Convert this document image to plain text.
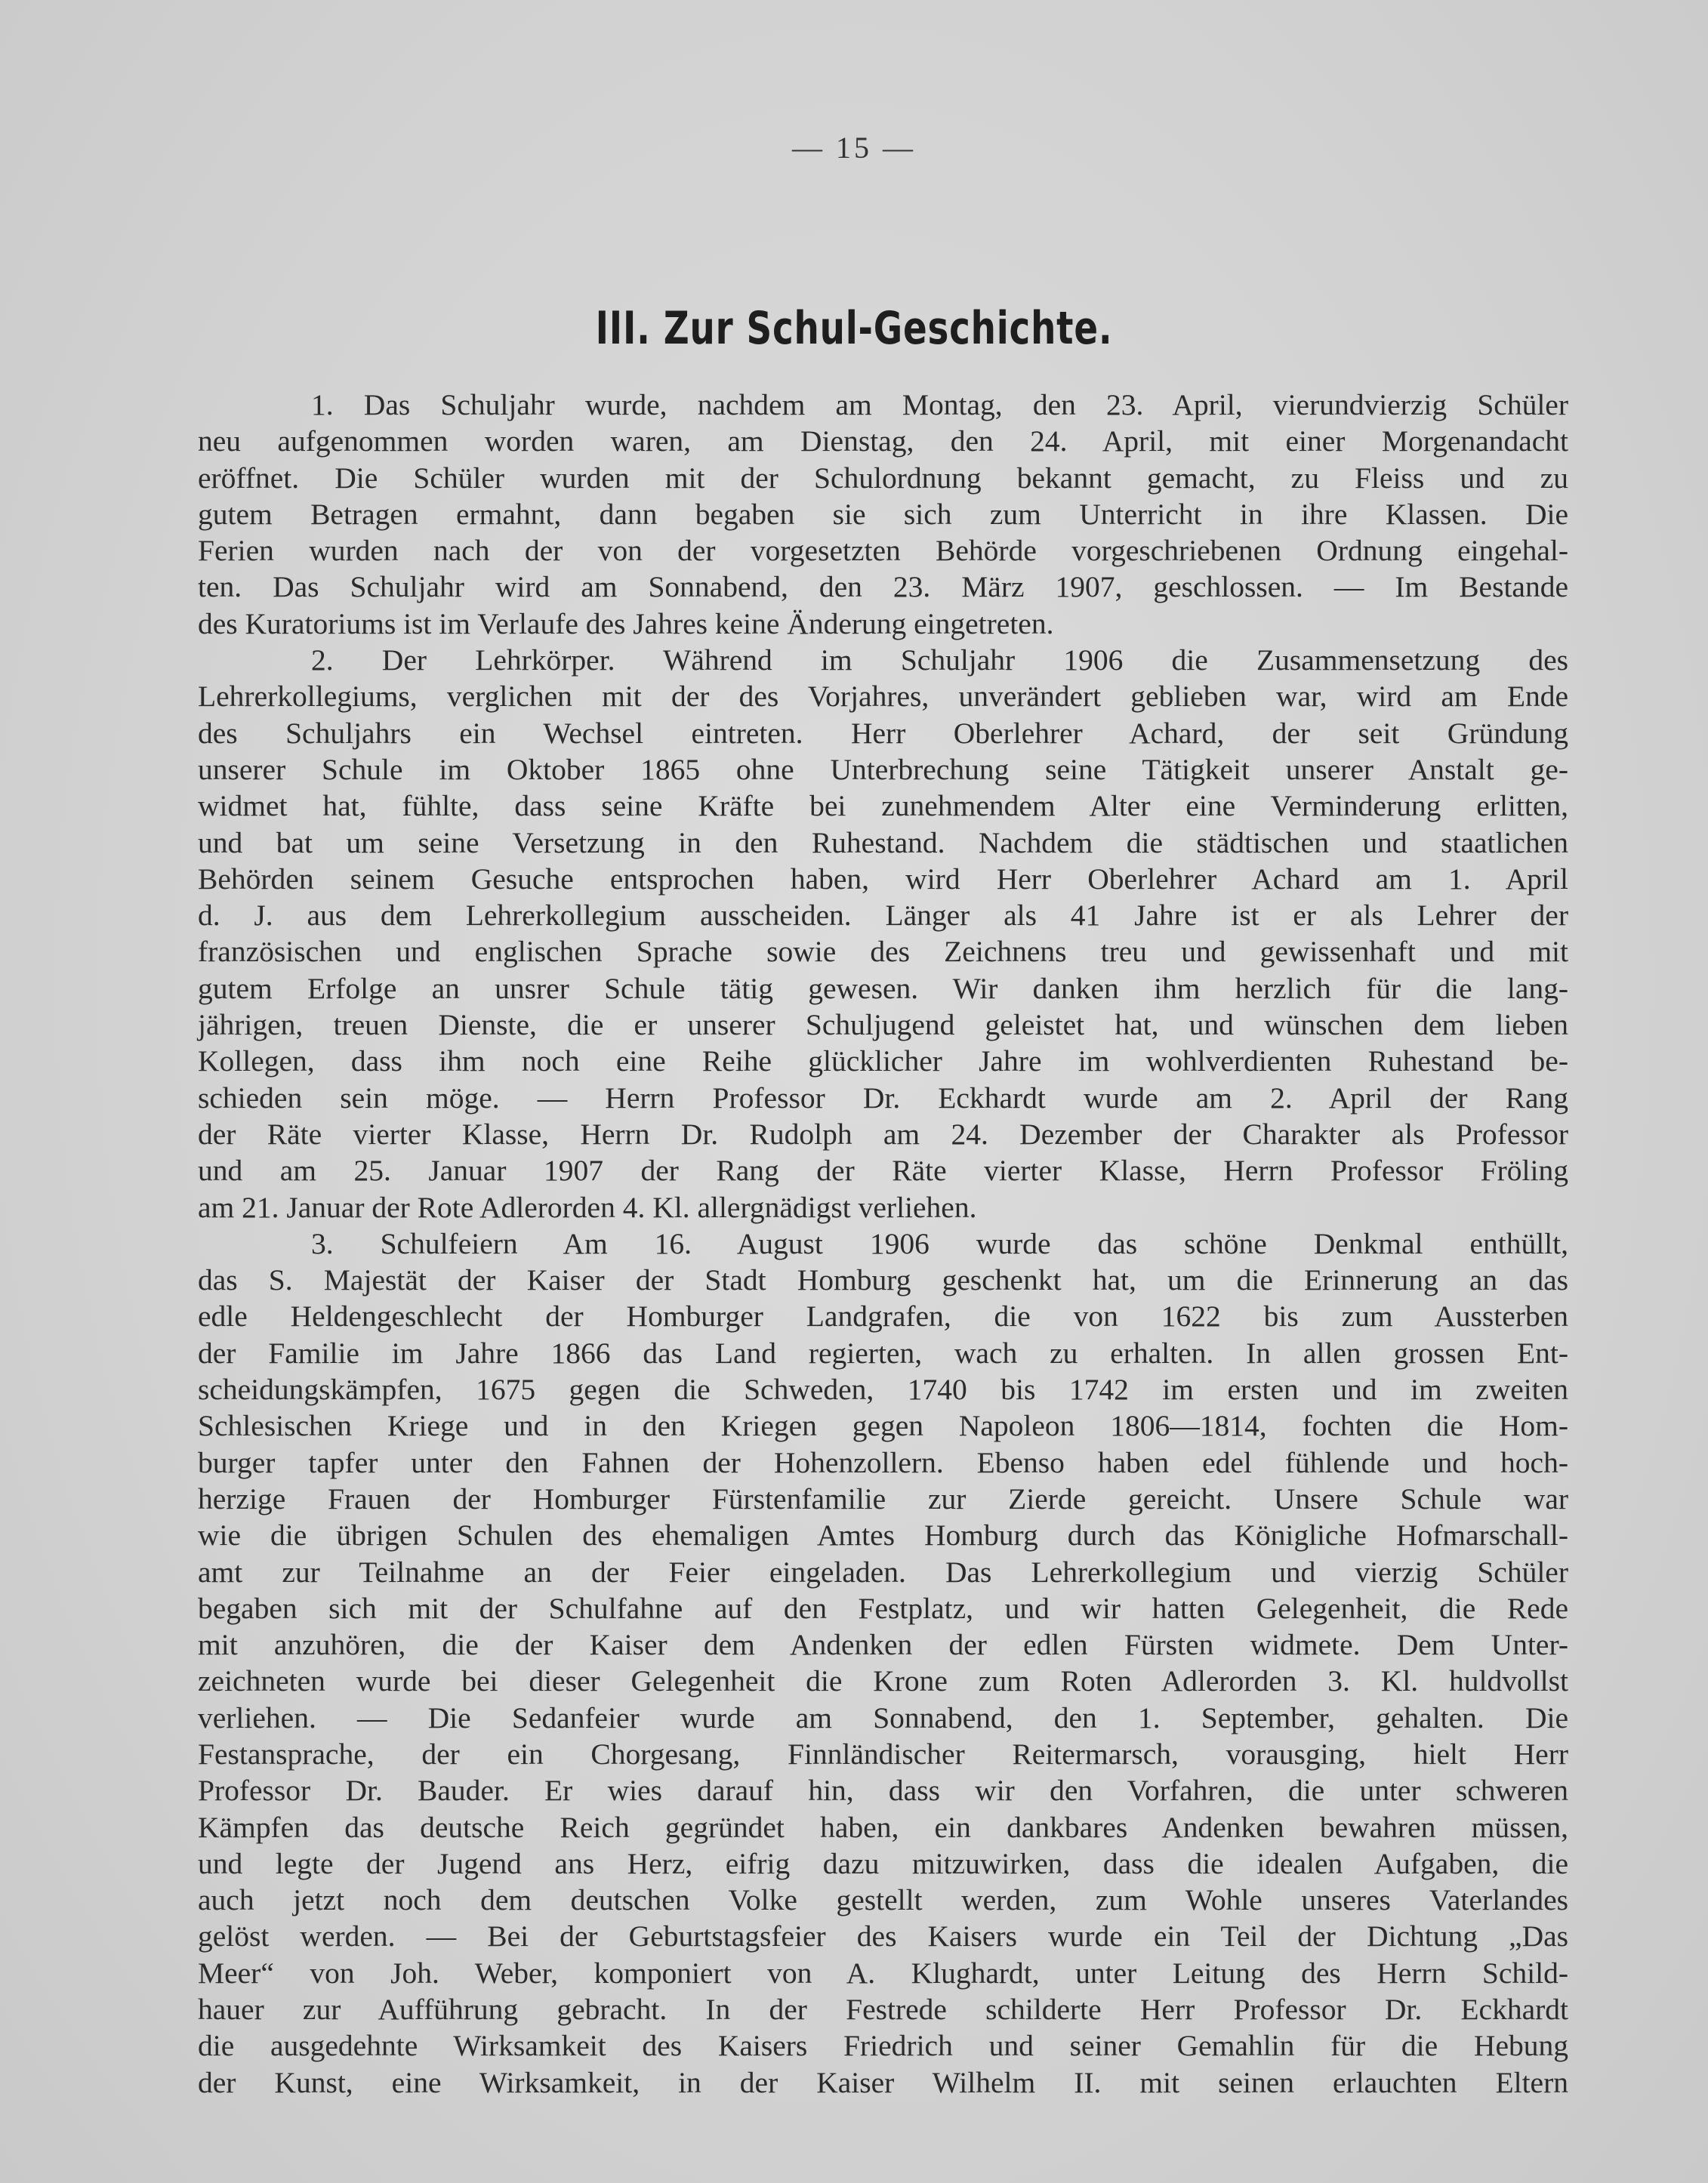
— 15 —
III. Zur Schul-Geschichte.
1. Das Schuljahr wurde, nachdem am Montag, den 23. April, vierundvierzig Schüler
neu aufgenommen worden waren, am Dienstag, den 24. April, mit einer Morgenandacht
eröffnet. Die Schüler wurden mit der Schulordnung bekannt gemacht, zu Fleiss und zu
gutem Betragen ermahnt, dann begaben sie sich zum Unterricht in ihre Klassen. Die
Ferien wurden nach der von der vorgesetzten Behörde vorgeschriebenen Ordnung eingehal-
ten. Das Schuljahr wird am Sonnabend, den 23. März 1907, geschlossen. — Im Bestande
des Kuratoriums ist im Verlaufe des Jahres keine Änderung eingetreten.
2. Der Lehrkörper. Während im Schuljahr 1906 die Zusammensetzung des
Lehrerkollegiums, verglichen mit der des Vorjahres, unverändert geblieben war, wird am Ende
des Schuljahrs ein Wechsel eintreten. Herr Oberlehrer Achard, der seit Gründung
unserer Schule im Oktober 1865 ohne Unterbrechung seine Tätigkeit unserer Anstalt ge-
widmet hat, fühlte, dass seine Kräfte bei zunehmendem Alter eine Verminderung erlitten,
und bat um seine Versetzung in den Ruhestand. Nachdem die städtischen und staatlichen
Behörden seinem Gesuche entsprochen haben, wird Herr Oberlehrer Achard am 1. April
d. J. aus dem Lehrerkollegium ausscheiden. Länger als 41 Jahre ist er als Lehrer der
französischen und englischen Sprache sowie des Zeichnens treu und gewissenhaft und mit
gutem Erfolge an unsrer Schule tätig gewesen. Wir danken ihm herzlich für die lang-
jährigen, treuen Dienste, die er unserer Schuljugend geleistet hat, und wünschen dem lieben
Kollegen, dass ihm noch eine Reihe glücklicher Jahre im wohlverdienten Ruhestand be-
schieden sein möge. — Herrn Professor Dr. Eckhardt wurde am 2. April der Rang
der Räte vierter Klasse, Herrn Dr. Rudolph am 24. Dezember der Charakter als Professor
und am 25. Januar 1907 der Rang der Räte vierter Klasse, Herrn Professor Fröling
am 21. Januar der Rote Adlerorden 4. Kl. allergnädigst verliehen.
3. Schulfeiern Am 16. August 1906 wurde das schöne Denkmal enthüllt,
das S. Majestät der Kaiser der Stadt Homburg geschenkt hat, um die Erinnerung an das
edle Heldengeschlecht der Homburger Landgrafen, die von 1622 bis zum Aussterben
der Familie im Jahre 1866 das Land regierten, wach zu erhalten. In allen grossen Ent-
scheidungskämpfen, 1675 gegen die Schweden, 1740 bis 1742 im ersten und im zweiten
Schlesischen Kriege und in den Kriegen gegen Napoleon 1806—1814, fochten die Hom-
burger tapfer unter den Fahnen der Hohenzollern. Ebenso haben edel fühlende und hoch-
herzige Frauen der Homburger Fürstenfamilie zur Zierde gereicht. Unsere Schule war
wie die übrigen Schulen des ehemaligen Amtes Homburg durch das Königliche Hofmarschall-
amt zur Teilnahme an der Feier eingeladen. Das Lehrerkollegium und vierzig Schüler
begaben sich mit der Schulfahne auf den Festplatz, und wir hatten Gelegenheit, die Rede
mit anzuhören, die der Kaiser dem Andenken der edlen Fürsten widmete. Dem Unter-
zeichneten wurde bei dieser Gelegenheit die Krone zum Roten Adlerorden 3. Kl. huldvollst
verliehen. — Die Sedanfeier wurde am Sonnabend, den 1. September, gehalten. Die
Festansprache, der ein Chorgesang, Finnländischer Reitermarsch, vorausging, hielt Herr
Professor Dr. Bauder. Er wies darauf hin, dass wir den Vorfahren, die unter schweren
Kämpfen das deutsche Reich gegründet haben, ein dankbares Andenken bewahren müssen,
und legte der Jugend ans Herz, eifrig dazu mitzuwirken, dass die idealen Aufgaben, die
auch jetzt noch dem deutschen Volke gestellt werden, zum Wohle unseres Vaterlandes
gelöst werden. — Bei der Geburtstagsfeier des Kaisers wurde ein Teil der Dichtung „Das
Meer“ von Joh. Weber, komponiert von A. Klughardt, unter Leitung des Herrn Schild-
hauer zur Aufführung gebracht. In der Festrede schilderte Herr Professor Dr. Eckhardt
die ausgedehnte Wirksamkeit des Kaisers Friedrich und seiner Gemahlin für die Hebung
der Kunst, eine Wirksamkeit, in der Kaiser Wilhelm II. mit seinen erlauchten Eltern
